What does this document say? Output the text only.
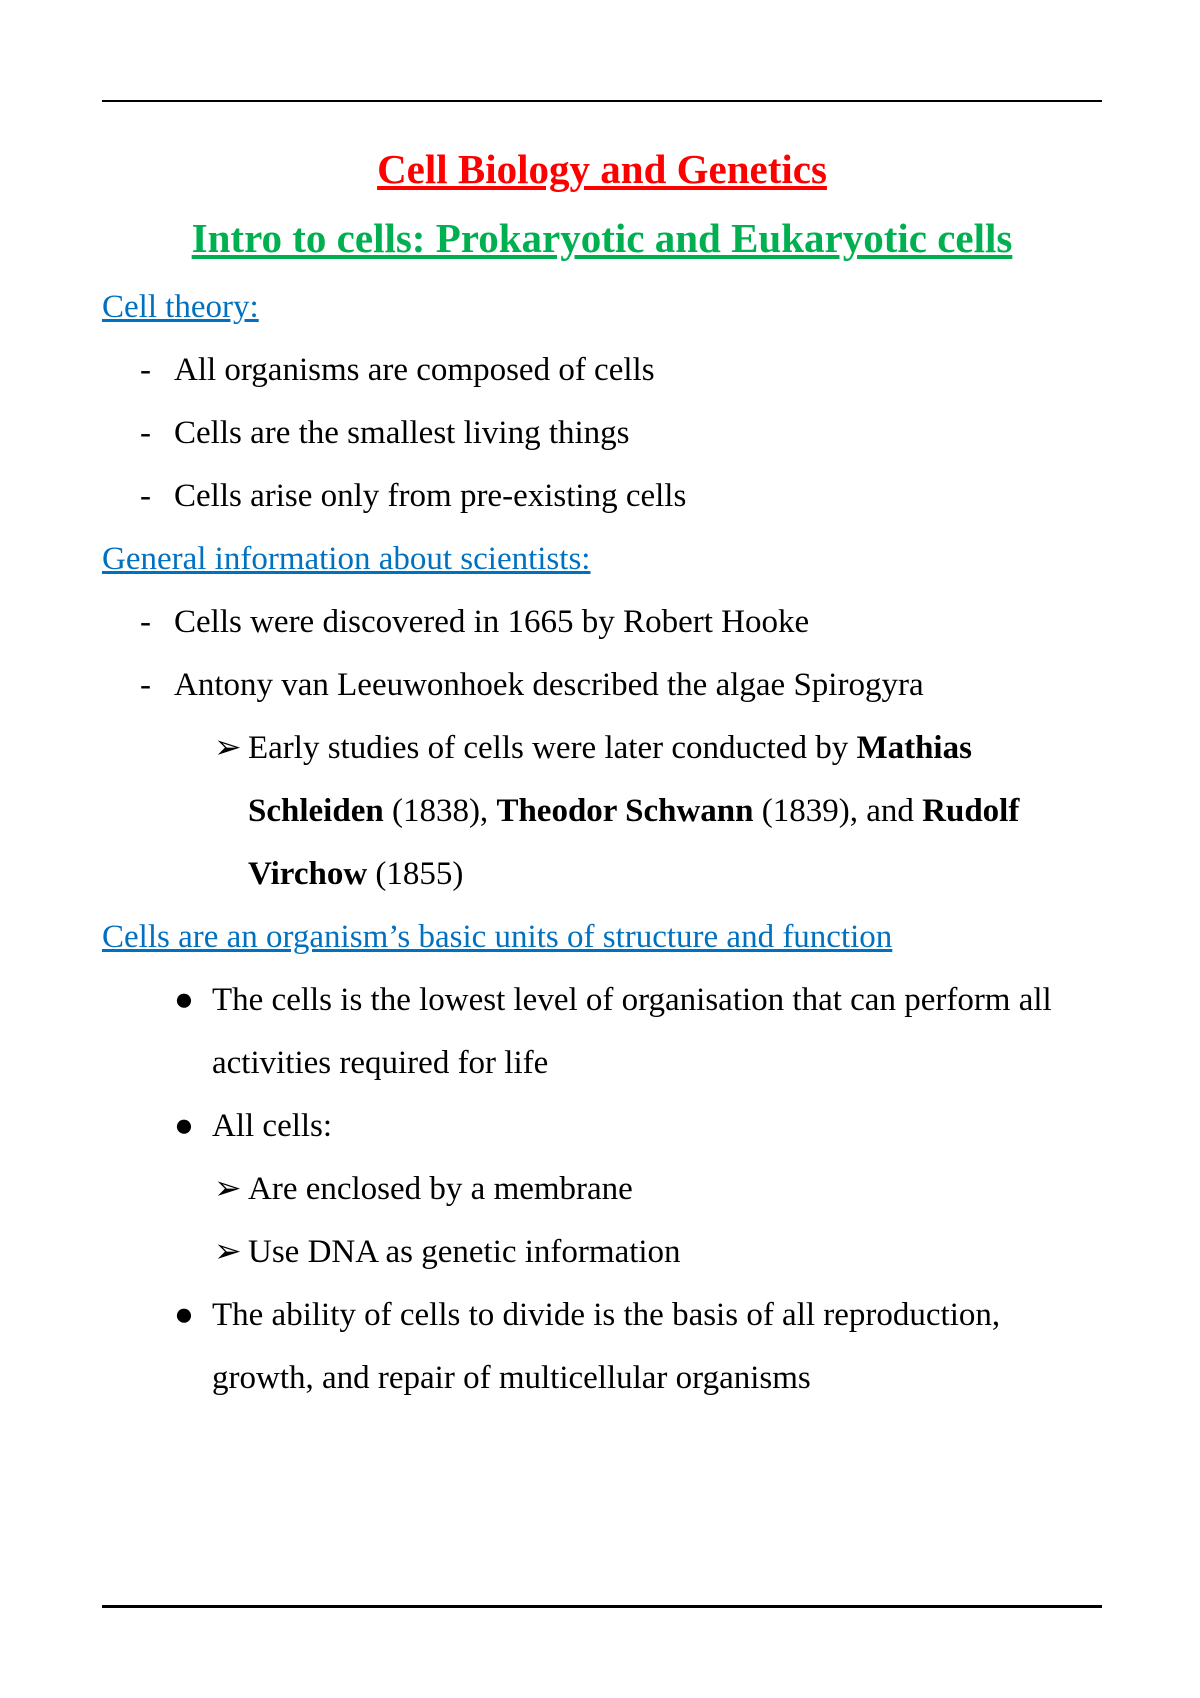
Cell Biology and Genetics
Intro to cells: Prokaryotic and Eukaryotic cells

Cell theory:

- All organisms are composed of cells
- Cells are the smallest living things
- Cells arise only from pre-existing cells

General information about scientists:

- Cells were discovered in 1665 by Robert Hooke
- Antony van Leeuwonhoek described the algae Spirogyra
➢ Early studies of cells were later conducted by Mathias Schleiden (1838), Theodor Schwann (1839), and Rudolf Virchow (1855)

Cells are an organism’s basic units of structure and function

● The cells is the lowest level of organisation that can perform all activities required for life
● All cells:
➢ Are enclosed by a membrane
➢ Use DNA as genetic information
● The ability of cells to divide is the basis of all reproduction, growth, and repair of multicellular organisms
